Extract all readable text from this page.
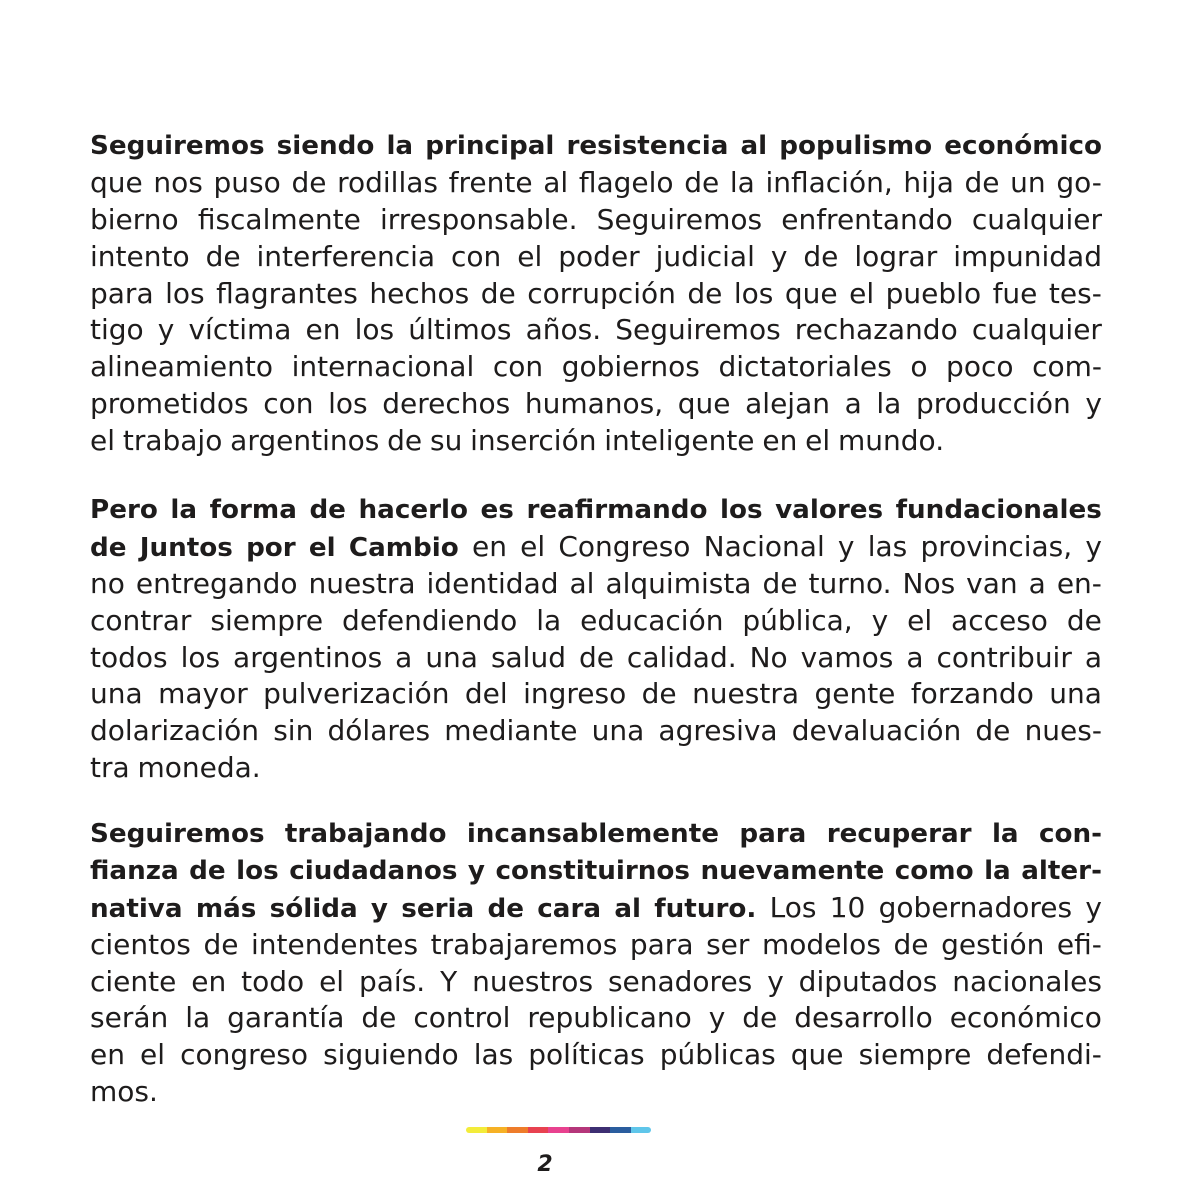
Seguiremos siendo la principal resistencia al populismo económico
que nos puso de rodillas frente al flagelo de la inflación, hija de un go-
bierno fiscalmente irresponsable. Seguiremos enfrentando cualquier
intento de interferencia con el poder judicial y de lograr impunidad
para los flagrantes hechos de corrupción de los que el pueblo fue tes-
tigo y víctima en los últimos años. Seguiremos rechazando cualquier
alineamiento internacional con gobiernos dictatoriales o poco com-
prometidos con los derechos humanos, que alejan a la producción y
el trabajo argentinos de su inserción inteligente en el mundo.
Pero la forma de hacerlo es reafirmando los valores fundacionales
de Juntos por el Cambio en el Congreso Nacional y las provincias, y
no entregando nuestra identidad al alquimista de turno. Nos van a en-
contrar siempre defendiendo la educación pública, y el acceso de
todos los argentinos a una salud de calidad. No vamos a contribuir a
una mayor pulverización del ingreso de nuestra gente forzando una
dolarización sin dólares mediante una agresiva devaluación de nues-
tra moneda.
Seguiremos trabajando incansablemente para recuperar la con-
fianza de los ciudadanos y constituirnos nuevamente como la alter-
nativa más sólida y seria de cara al futuro. Los 10 gobernadores y
cientos de intendentes trabajaremos para ser modelos de gestión efi-
ciente en todo el país. Y nuestros senadores y diputados nacionales
serán la garantía de control republicano y de desarrollo económico
en el congreso siguiendo las políticas públicas que siempre defendi-
mos.
2
